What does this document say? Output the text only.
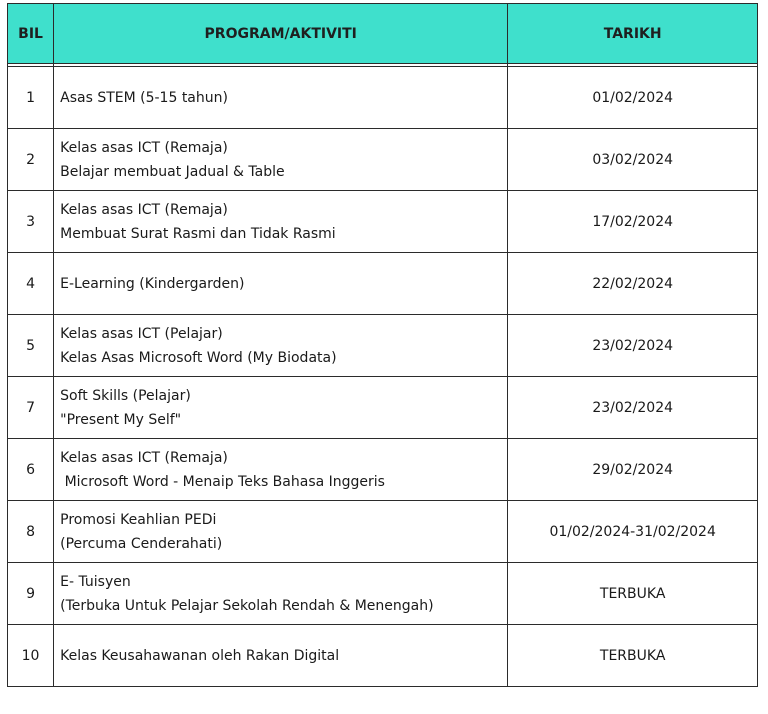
BIL	PROGRAM/AKTIVITI	TARIKH

1	Asas STEM (5-15 tahun)	01/02/2024
2	Kelas asas ICT (Remaja)
Belajar membuat Jadual & Table	03/02/2024
3	Kelas asas ICT (Remaja)
Membuat Surat Rasmi dan Tidak Rasmi	17/02/2024
4	E-Learning (Kindergarden)	22/02/2024
5	Kelas asas ICT (Pelajar)
Kelas Asas Microsoft Word (My Biodata)	23/02/2024
7	Soft Skills (Pelajar)
"Present My Self"	23/02/2024
6	Kelas asas ICT (Remaja)
Microsoft Word - Menaip Teks Bahasa Inggeris	29/02/2024
8	Promosi Keahlian PEDi
(Percuma Cenderahati)	01/02/2024-31/02/2024
9	E- Tuisyen
(Terbuka Untuk Pelajar Sekolah Rendah & Menengah)	TERBUKA
10	Kelas Keusahawanan oleh Rakan Digital	TERBUKA
